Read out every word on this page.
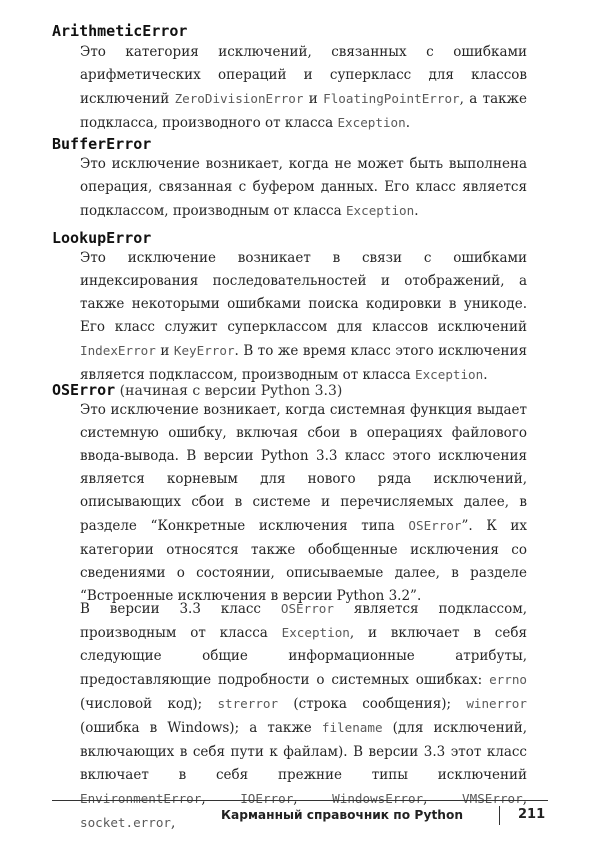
ArithmeticError

Это категория исключений, связанных с ошибками арифметических операций и суперкласс для классов исключений ZeroDivisionError и FloatingPointError, а также подкласса, производного от класса Exception.

BufferError

Это исключение возникает, когда не может быть выполнена операция, связанная с буфером данных. Его класс является подклассом, производным от класса Exception.

LookupError

Это исключение возникает в связи с ошибками индексирования последовательностей и отображений, а также некоторыми ошибками поиска кодировки в уникоде. Его класс служит суперклассом для классов исключений IndexError и KeyError. В то же время класс этого исключения является подклассом, производным от класса Exception.

OSError (начиная с версии Python 3.3)

Это исключение возникает, когда системная функция выдает системную ошибку, включая сбои в операциях файлового ввода-вывода. В версии Python 3.3 класс этого исключения является корневым для нового ряда исключений, описывающих сбои в системе и перечисляемых далее, в разделе “Конкретные исключения типа OSError”. К их категории относятся также обобщенные исключения со сведениями о состоянии, описываемые далее, в разделе “Встроенные исключения в версии Python 3.2”.

В версии 3.3 класс OSError является подклассом, производным от класса Exception, и включает в себя следующие общие информационные атрибуты, предоставляющие подробности о системных ошибках: errno (числовой код); strerror (строка сообщения); winerror (ошибка в Windows); а также filename (для исключений, включающих в себя пути к файлам). В версии 3.3 этот класс включает в себя прежние типы исключений EnvironmentError, IOError, WindowsError, VMSError, socket.error,	Карманный справочник по Python	211
